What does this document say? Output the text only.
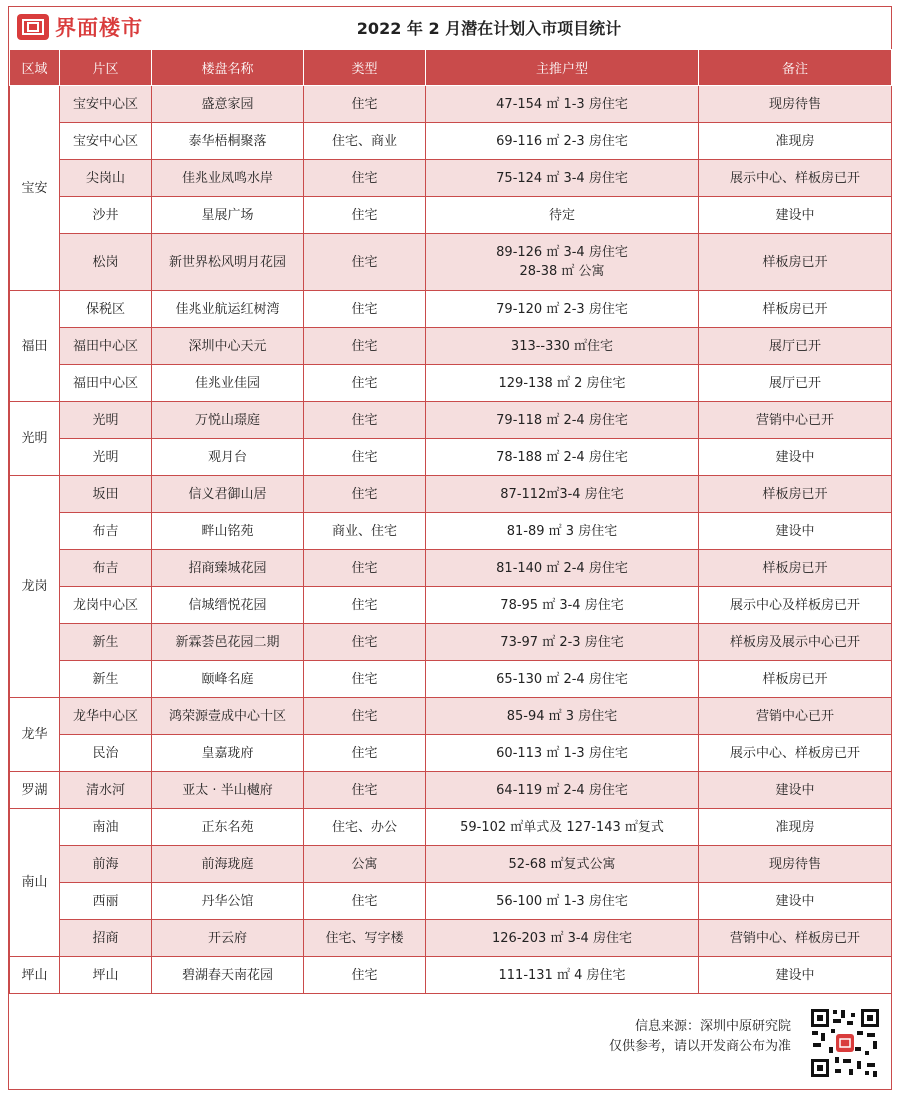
界面楼市	2022 年 2 月潜在计划入市项目统计
区域	片区	楼盘名称	类型	主推户型	备注
宝安	宝安中心区	盛意家园	住宅	47-154 ㎡ 1-3 房住宅	现房待售
	宝安中心区	泰华梧桐聚落	住宅、商业	69-116 ㎡ 2-3 房住宅	准现房
	尖岗山	佳兆业凤鸣水岸	住宅	75-124 ㎡ 3-4 房住宅	展示中心、样板房已开
	沙井	星展广场	住宅	待定	建设中
	松岗	新世界松风明月花园	住宅	89-126 ㎡ 3-4 房住宅
28-38 ㎡ 公寓	样板房已开
福田	保税区	佳兆业航运红树湾	住宅	79-120 ㎡ 2-3 房住宅	样板房已开
	福田中心区	深圳中心天元	住宅	313--330 ㎡住宅	展厅已开
	福田中心区	佳兆业佳园	住宅	129-138 ㎡ 2 房住宅	展厅已开
光明	光明	万悦山璟庭	住宅	79-118 ㎡ 2-4 房住宅	营销中心已开
	光明	观月台	住宅	78-188 ㎡ 2-4 房住宅	建设中
龙岗	坂田	信义君御山居	住宅	87-112㎡3-4 房住宅	样板房已开
	布吉	畔山铭苑	商业、住宅	81-89 ㎡ 3 房住宅	建设中
	布吉	招商臻城花园	住宅	81-140 ㎡ 2-4 房住宅	样板房已开
	龙岗中心区	信城缙悦花园	住宅	78-95 ㎡ 3-4 房住宅	展示中心及样板房已开
	新生	新霖荟邑花园二期	住宅	73-97 ㎡ 2-3 房住宅	样板房及展示中心已开
	新生	颐峰名庭	住宅	65-130 ㎡ 2-4 房住宅	样板房已开
龙华	龙华中心区	鸿荣源壹成中心十区	住宅	85-94 ㎡ 3 房住宅	营销中心已开
	民治	皇嘉珑府	住宅	60-113 ㎡ 1-3 房住宅	展示中心、样板房已开
罗湖	清水河	亚太 · 半山樾府	住宅	64-119 ㎡ 2-4 房住宅	建设中
南山	南油	正东名苑	住宅、办公	59-102 ㎡单式及 127-143 ㎡复式	准现房
	前海	前海珑庭	公寓	52-68 ㎡复式公寓	现房待售
	西丽	丹华公馆	住宅	56-100 ㎡ 1-3 房住宅	建设中
	招商	开云府	住宅、写字楼	126-203 ㎡ 3-4 房住宅	营销中心、样板房已开
坪山	坪山	碧湖春天南花园	住宅	111-131 ㎡ 4 房住宅	建设中
信息来源：深圳中原研究院
仅供参考，请以开发商公布为准
